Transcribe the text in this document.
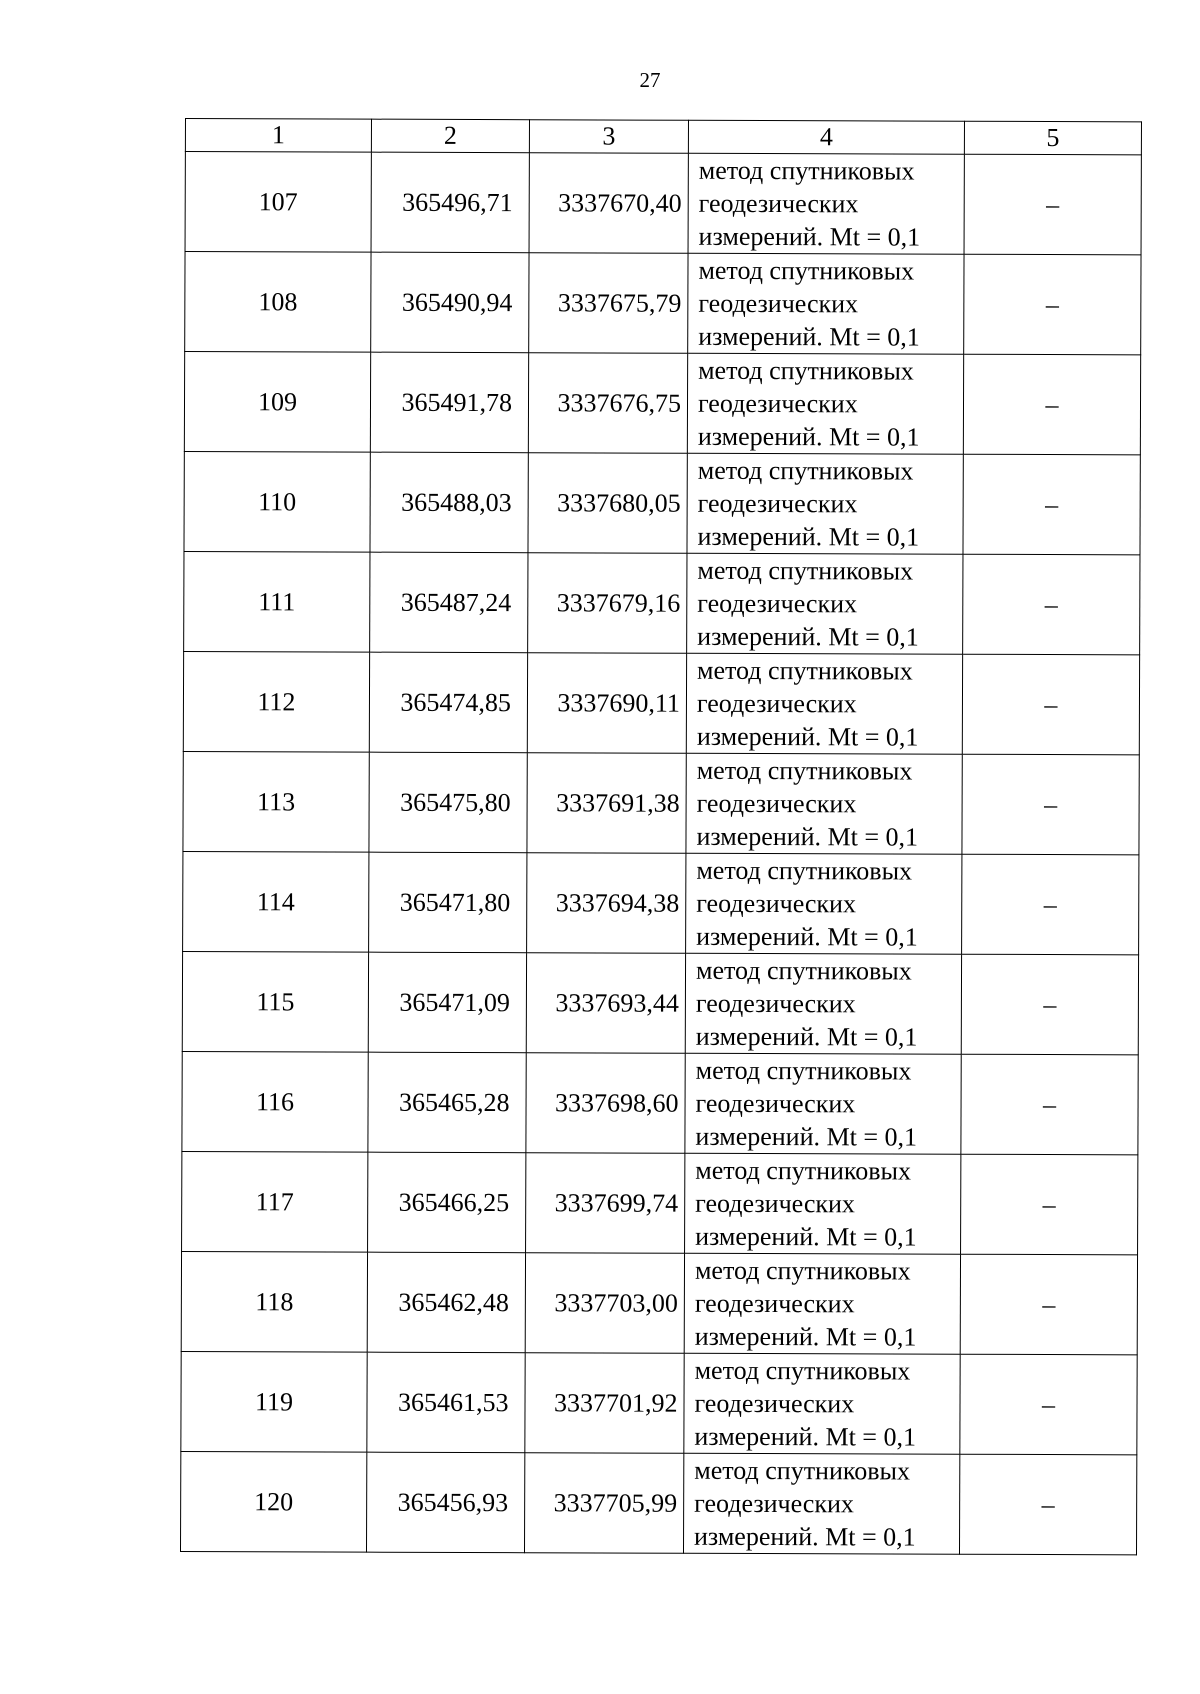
27
1	2	3	4	5
107	365496,71	3337670,40	метод спутниковых
геодезических
измерений. Mt = 0,1	–
108	365490,94	3337675,79	метод спутниковых
геодезических
измерений. Mt = 0,1	–
109	365491,78	3337676,75	метод спутниковых
геодезических
измерений. Mt = 0,1	–
110	365488,03	3337680,05	метод спутниковых
геодезических
измерений. Mt = 0,1	–
111	365487,24	3337679,16	метод спутниковых
геодезических
измерений. Mt = 0,1	–
112	365474,85	3337690,11	метод спутниковых
геодезических
измерений. Mt = 0,1	–
113	365475,80	3337691,38	метод спутниковых
геодезических
измерений. Mt = 0,1	–
114	365471,80	3337694,38	метод спутниковых
геодезических
измерений. Mt = 0,1	–
115	365471,09	3337693,44	метод спутниковых
геодезических
измерений. Mt = 0,1	–
116	365465,28	3337698,60	метод спутниковых
геодезических
измерений. Mt = 0,1	–
117	365466,25	3337699,74	метод спутниковых
геодезических
измерений. Mt = 0,1	–
118	365462,48	3337703,00	метод спутниковых
геодезических
измерений. Mt = 0,1	–
119	365461,53	3337701,92	метод спутниковых
геодезических
измерений. Mt = 0,1	–
120	365456,93	3337705,99	метод спутниковых
геодезических
измерений. Mt = 0,1	–
